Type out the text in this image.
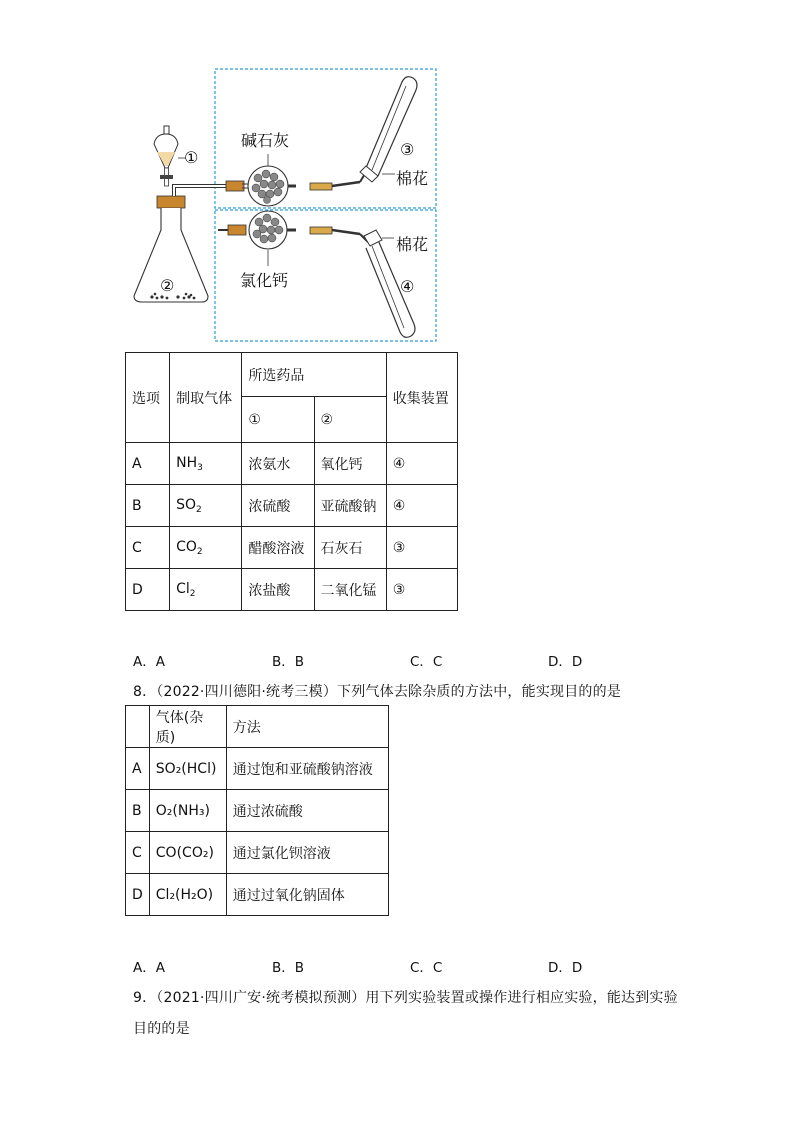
①
②
碱石灰
氯化钙
③
棉花
棉花
④
选项	制取气体	所选药品		收集装置
		①	②	
A	$NH_3$	浓氨水	氧化钙	④
B	$SO_2$	浓硫酸	亚硫酸钠	④
C	$CO_2$	醋酸溶液	石灰石	③
D	$Cl_2$	浓盐酸	二氧化锰	③
A．A	B．B	C．C	D．D
8．（2022·四川德阳·统考三模）下列气体去除杂质的方法中，能实现目的的是
	气体(杂质)	方法
A	SO₂(HCl)	通过饱和亚硫酸钠溶液
B	O₂(NH₃)	通过浓硫酸
C	CO(CO₂)	通过氯化钡溶液
D	Cl₂(H₂O)	通过过氧化钠固体
A．A	B．B	C．C	D．D
9．（2021·四川广安·统考模拟预测）用下列实验装置或操作进行相应实验，能达到实验
目的的是
